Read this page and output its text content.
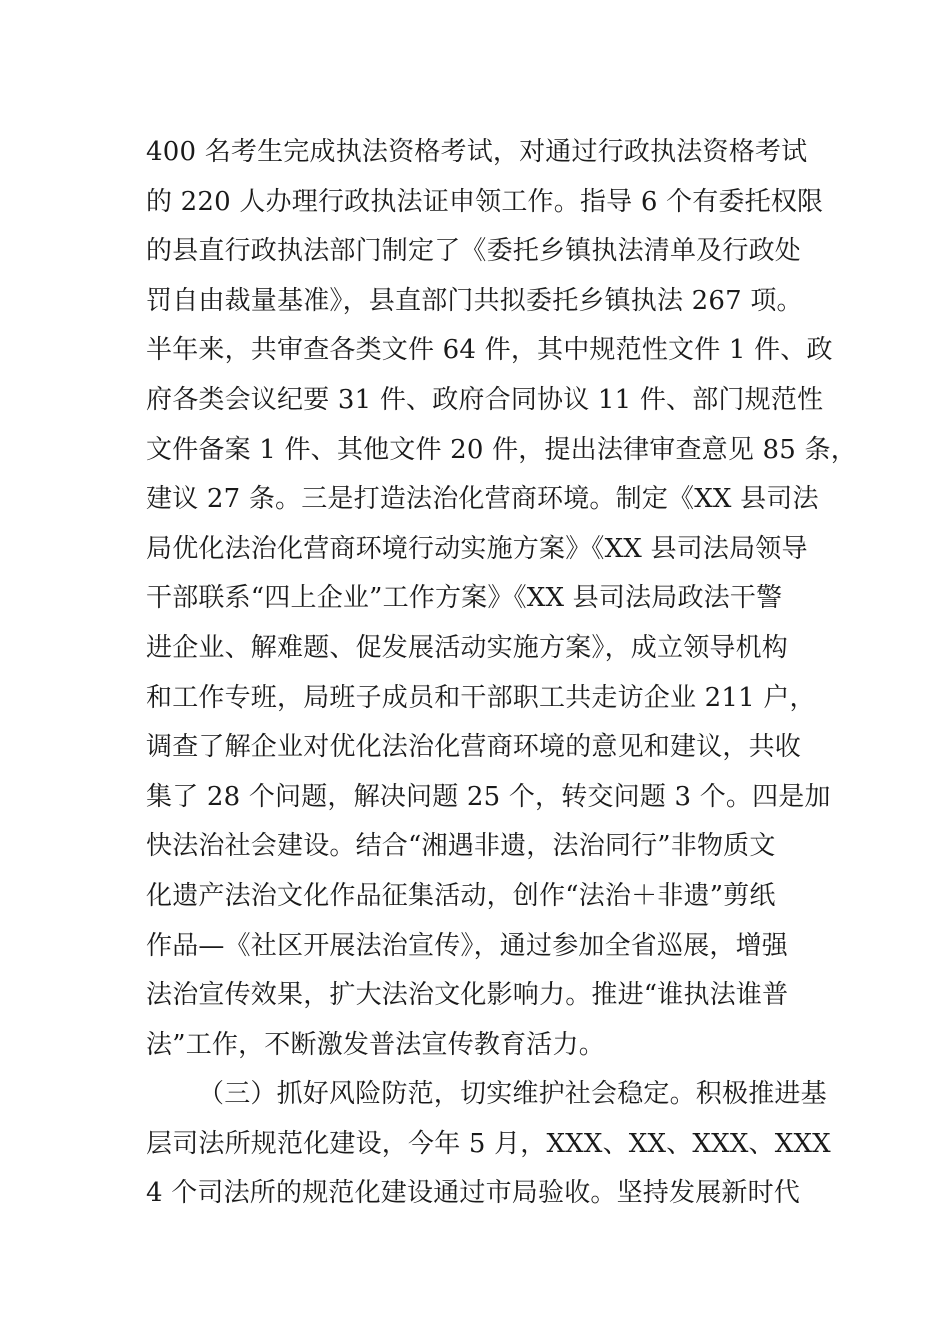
400 名考生完成执法资格考试，对通过行政执法资格考试
的 220 人办理行政执法证申领工作。指导 6 个有委托权限
的县直行政执法部门制定了《委托乡镇执法清单及行政处
罚自由裁量基准》，县直部门共拟委托乡镇执法 267 项。
半年来，共审查各类文件 64 件，其中规范性文件 1 件、政
府各类会议纪要 31 件、政府合同协议 11 件、部门规范性
文件备案 1 件、其他文件 20 件，提出法律审查意见 85 条，
建议 27 条。三是打造法治化营商环境。制定《XX 县司法
局优化法治化营商环境行动实施方案》《XX 县司法局领导
干部联系“四上企业”工作方案》《XX 县司法局政法干警
进企业、解难题、促发展活动实施方案》，成立领导机构
和工作专班，局班子成员和干部职工共走访企业 211 户，
调查了解企业对优化法治化营商环境的意见和建议，共收
集了 28 个问题，解决问题 25 个，转交问题 3 个。四是加
快法治社会建设。结合“湘遇非遗，法治同行”非物质文
化遗产法治文化作品征集活动，创作“法治＋非遗”剪纸
作品—《社区开展法治宣传》，通过参加全省巡展，增强
法治宣传效果，扩大法治文化影响力。推进“谁执法谁普
法”工作，不断激发普法宣传教育活力。
（三）抓好风险防范，切实维护社会稳定。积极推进基
层司法所规范化建设，今年 5 月，XXX、XX、XXX、XXX
4 个司法所的规范化建设通过市局验收。坚持发展新时代
